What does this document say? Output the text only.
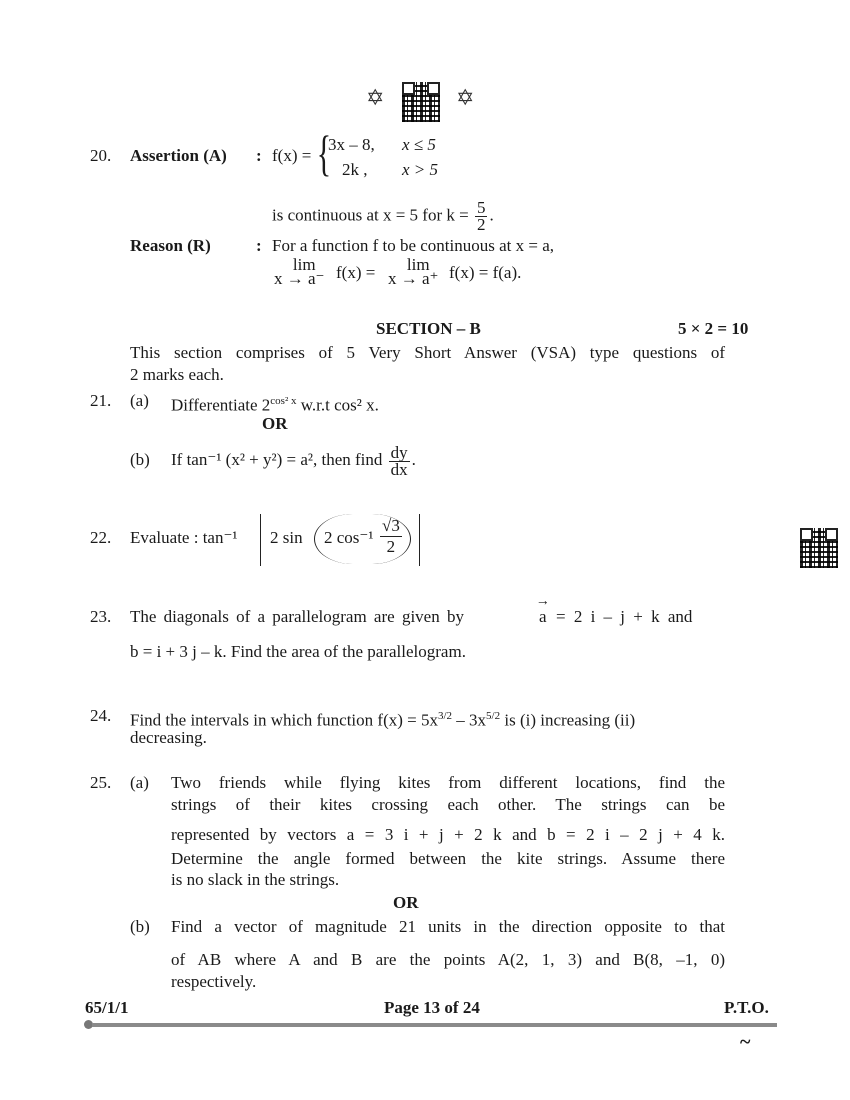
✡	✡
20. Assertion (A) : f(x) = {
3x – 8, x ≤ 5
2k , x > 5
is continuous at x = 5 for $k = \frac{5}{2}$ .
Reason (R)	: For a function f to be continuous at x = a,
lim
x → a⁻ f(x) =	lim
x → a⁺ f(x) = f(a).
SECTION – B	5 × 2 = 10
This section comprises of 5 Very Short Answer (VSA) type questions of
2 marks each.
21. (a) Differentiate $2^{cos^2 x}$ w.r.t cos² x.
OR
(b) If tan⁻¹ (x² + y²) = a², then find $\frac{dy}{dx}$ .
22. Evaluate : tan⁻¹ 2 sin 2 $\cos^{-1} \frac{√3}{2}$
23. The diagonals of a parallelogram are given by	→ a = 2 i – j + k and
b = i + 3 j – k. Find the area of the parallelogram.
24. Find the intervals in which function $f(x) = 5x^{3/2} - 3x^{5/2}$ is (i) increasing (ii)
decreasing.
25. (a) Two friends while flying kites from different locations, find the
strings of their kites crossing each other. The strings can be
represented by vectors a = 3 i + j + 2 k and b = 2 i – 2 j + 4 k.
Determine the angle formed between the kite strings. Assume there
is no slack in the strings.
OR
(b) Find a vector of magnitude 21 units in the direction opposite to that
of AB where A and B are the points A(2, 1, 3) and B(8, –1, 0)
respectively.
65/1/1	Page 13 of 24	P.T.O.
~
